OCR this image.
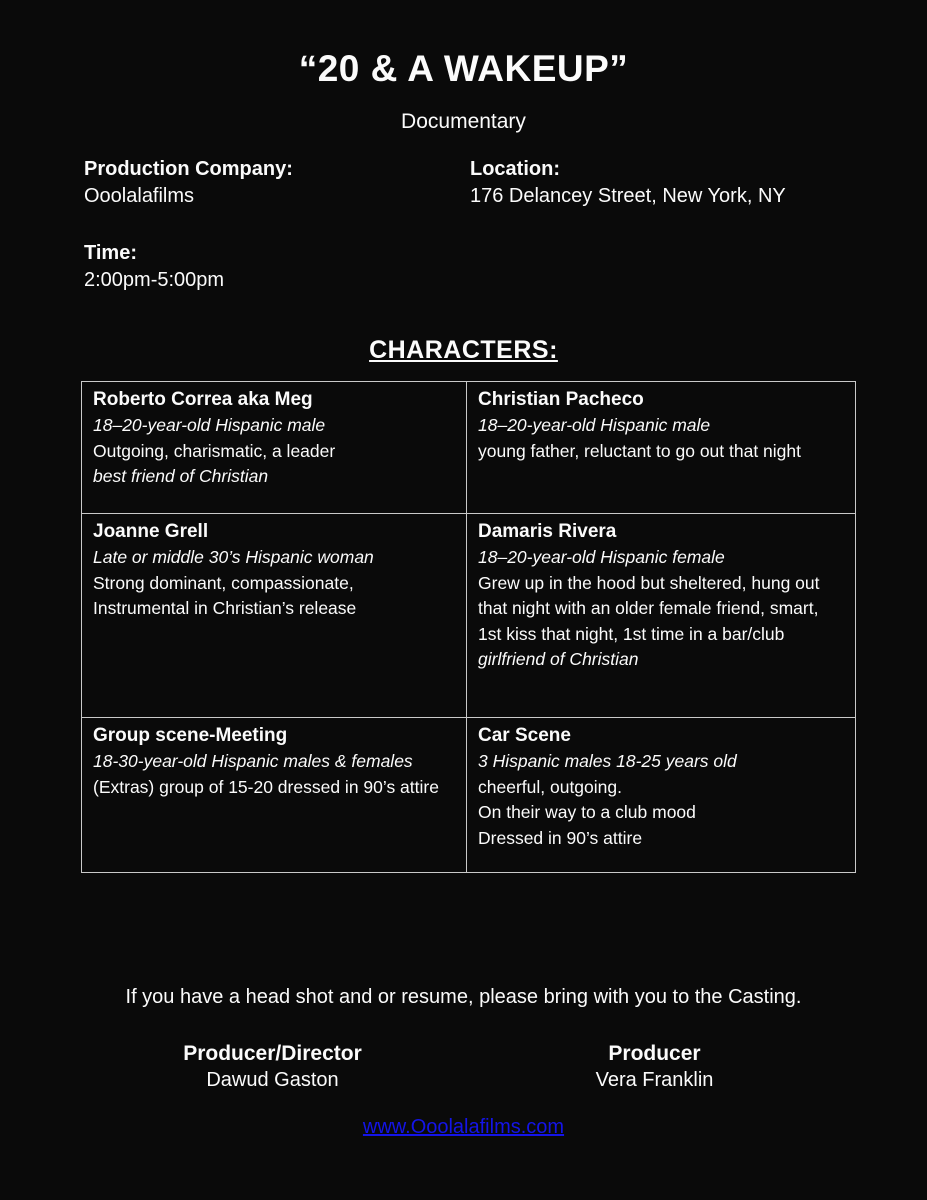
“20 & A WAKEUP”
Documentary
Production Company:
Ooolalafilms
Location:
176 Delancey Street, New York, NY
Time:
2:00pm-5:00pm
CHARACTERS:
Roberto Correa aka Meg
18–20-year-old Hispanic male
Outgoing, charismatic, a leader
best friend of Christian
Christian Pacheco
18–20-year-old Hispanic male
young father, reluctant to go out that night
Joanne Grell
Late or middle 30’s Hispanic woman
Strong dominant, compassionate,
Instrumental in Christian’s release
Damaris Rivera
18–20-year-old Hispanic female
Grew up in the hood but sheltered, hung out that night with an older female friend, smart, 1st kiss that night, 1st time in a bar/club
girlfriend of Christian
Group scene-Meeting
18-30-year-old Hispanic males & females
(Extras) group of 15-20 dressed in 90’s attire
Car Scene
3 Hispanic males 18-25 years old
cheerful, outgoing.
On their way to a club mood
Dressed in 90’s attire
If you have a head shot and or resume, please bring with you to the Casting.
Producer/Director
Dawud Gaston
Producer
Vera Franklin
www.Ooolalafilms.com
